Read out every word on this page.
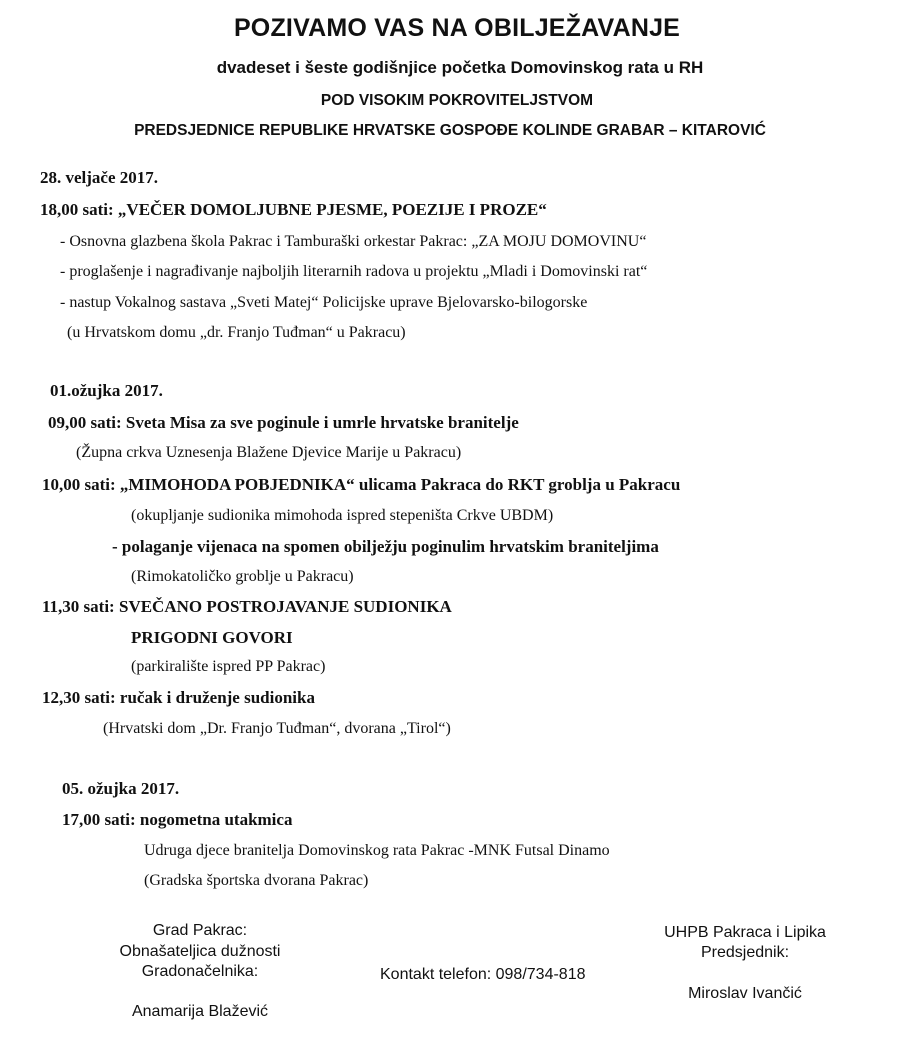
POZIVAMO VAS NA OBILJEŽAVANJE
dvadeset i šeste godišnjice početka Domovinskog rata u RH
POD VISOKIM POKROVITELJSTVOM
PREDSJEDNICE REPUBLIKE HRVATSKE GOSPOĐE KOLINDE GRABAR – KITAROVIĆ
28. veljače 2017.
18,00 sati: „VEČER DOMOLJUBNE PJESME, POEZIJE I PROZE“
- Osnovna glazbena škola Pakrac i Tamburaški orkestar Pakrac: „ZA MOJU DOMOVINU“
- proglašenje i nagrađivanje najboljih literarnih radova u projektu „Mladi i Domovinski rat“
- nastup Vokalnog sastava „Sveti Matej“ Policijske uprave Bjelovarsko-bilogorske
(u Hrvatskom domu „dr. Franjo Tuđman“ u Pakracu)
01.ožujka 2017.
09,00 sati: Sveta Misa za sve poginule i umrle hrvatske branitelje
(Župna crkva Uznesenja Blažene Djevice Marije u Pakracu)
10,00 sati: „MIMOHODA POBJEDNIKA“ ulicama Pakraca do RKT groblja u Pakracu
(okupljanje sudionika mimohoda ispred stepeništa Crkve UBDM)
- polaganje vijenaca na spomen obilježju poginulim hrvatskim braniteljima
(Rimokatoličko groblje u Pakracu)
11,30 sati: SVEČANO POSTROJAVANJE SUDIONIKA
PRIGODNI GOVORI
(parkiralište ispred PP Pakrac)
12,30 sati: ručak i druženje sudionika
(Hrvatski dom „Dr. Franjo Tuđman“, dvorana „Tirol“)
05. ožujka 2017.
17,00 sati: nogometna utakmica
Udruga djece branitelja Domovinskog rata Pakrac -MNK Futsal Dinamo
(Gradska športska dvorana Pakrac)
Grad Pakrac:
Obnašateljica dužnosti
Gradonačelnika:
Anamarija Blažević
Kontakt telefon: 098/734-818
UHPB Pakraca i Lipika
Predsjednik:
Miroslav Ivančić
